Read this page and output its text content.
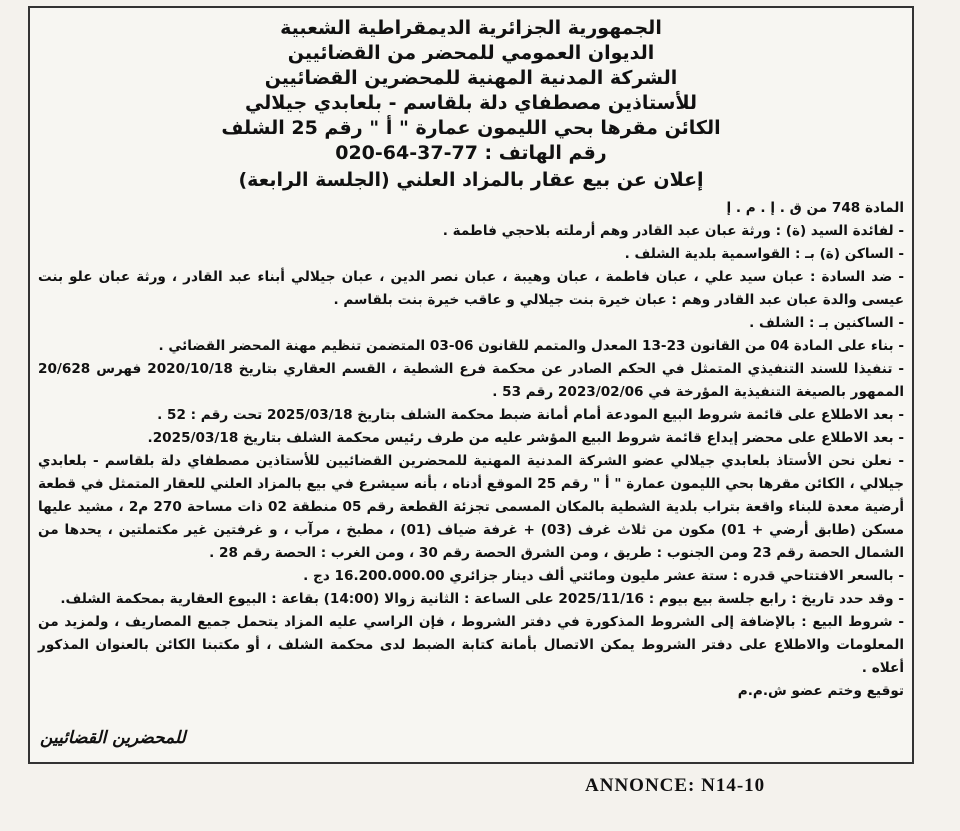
الجمهورية الجزائرية الديمقراطية الشعبية
الديوان العمومي للمحضر من القضائيين
الشركة المدنية المهنية للمحضرين القضائيين
للأستاذين مصطفاي دلة بلقاسم - بلعابدي جيلالي
الكائن مقرها بحي الليمون عمارة " أ " رقم 25 الشلف
رقم الهاتف : 77-37-64-020
إعلان عن بيع عقار بالمزاد العلني (الجلسة الرابعة)

المادة 748 من ق . إ . م . إ

- لفائدة السيد (ة) : ورثة عبان عبد القادر وهم أرملته بلاحجي فاطمة .

- الساكن (ة) بـ : القواسمية بلدية الشلف .

- ضد السادة : عبان سيد علي ، عبان فاطمة ، عبان وهيبة ، عبان نصر الدين ، عبان جيلالي أبناء عبد القادر ، ورثة عبان علو بنت عيسى والدة عبان عبد القادر وهم : عبان خيرة بنت جيلالي و عاقب خيرة بنت بلقاسم .

- الساكنين بـ : الشلف .

- بناء على المادة 04 من القانون 23-13 المعدل والمتمم للقانون 06-03 المتضمن تنظيم مهنة المحضر القضائي .

- تنفيذا للسند التنفيذي المتمثل في الحكم الصادر عن محكمة فرع الشطية ، القسم العقاري بتاريخ 2020/10/18 فهرس 20/628 الممهور بالصيغة التنفيذية المؤرخة في 2023/02/06 رقم 53 .

- بعد الاطلاع على قائمة شروط البيع المودعة أمام أمانة ضبط محكمة الشلف بتاريخ 2025/03/18 تحت رقم : 52 .

- بعد الاطلاع على محضر إيداع قائمة شروط البيع المؤشر عليه من طرف رئيس محكمة الشلف بتاريخ 2025/03/18.

- نعلن نحن الأستاذ بلعابدي جيلالي عضو الشركة المدنية المهنية للمحضرين القضائيين للأستاذين مصطفاي دلة بلقاسم - بلعابدي جيلالي ، الكائن مقرها بحي الليمون عمارة " أ " رقم 25 الموقع أدناه ، بأنه سيشرع في بيع بالمزاد العلني للعقار المتمثل في قطعة أرضية معدة للبناء واقعة بتراب بلدية الشطية بالمكان المسمى تجزئة القطعة رقم 05 منطقة 02 ذات مساحة 270 م2 ، مشيد عليها مسكن (طابق أرضي + 01) مكون من ثلاث غرف (03) + غرفة ضياف (01) ، مطبخ ، مرآب ، و غرفتين غير مكتملتين ، يحدها من الشمال الحصة رقم 23 ومن الجنوب : طريق ، ومن الشرق الحصة رقم 30 ، ومن الغرب : الحصة رقم 28 .

- بالسعر الافتتاحي قدره : ستة عشر مليون ومائتي ألف دينار جزائري 16.200.000.00 دج .

- وقد حدد تاريخ : رابع جلسة بيع بيوم : 2025/11/16 على الساعة : الثانية زوالا (14:00) بقاعة : البيوع العقارية بمحكمة الشلف.

- شروط البيع : بالإضافة إلى الشروط المذكورة في دفتر الشروط ، فإن الراسي عليه المزاد يتحمل جميع المصاريف ، ولمزيد من المعلومات والاطلاع على دفتر الشروط يمكن الاتصال بأمانة كتابة الضبط لدى محكمة الشلف ، أو مكتبنا الكائن بالعنوان المذكور أعلاه .

توقيع وختم عضو ش.م.م
للمحضرين القضائيين
ANNONCE: N14-10
